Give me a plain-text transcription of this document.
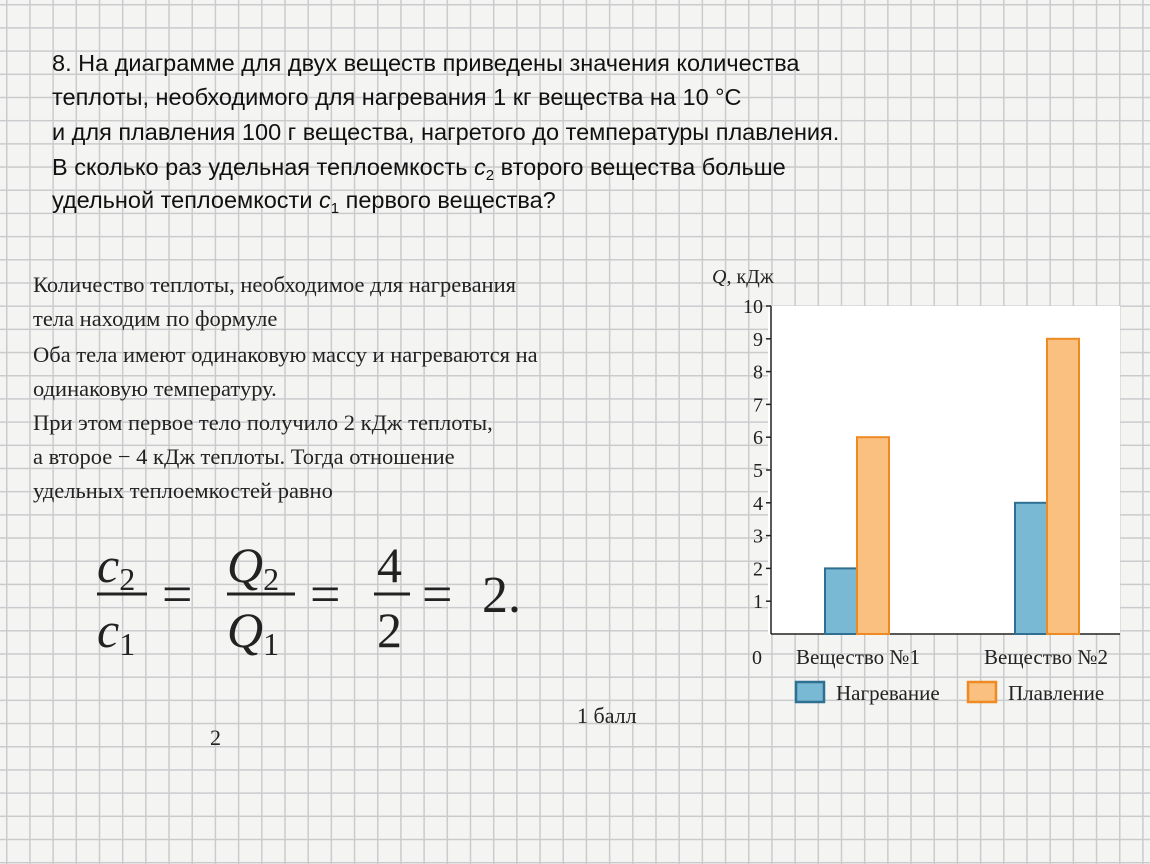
8. На диаграмме для двух веществ приведены значения количества
теплоты, необходимого для нагревания 1 кг вещества на 10 °С
и для плавления 100 г вещества, нагретого до температуры плавления.
В сколько раз удельная теплоемкость $с_2$ второго вещества больше
удельной теплоемкости $с_1$ первого вещества?
Количество теплоты, необходимое для нагревания
тела находим по формуле
Оба тела имеют одинаковую массу и нагреваются на
одинаковую температуру.
При этом первое тело получило 2 кДж теплоты,
а второе − 4 кДж теплоты. Тогда отношение
удельных теплоемкостей равно
c2
c1
= Q2
Q1
= 4
2
= 2.
1 балл
2
Q, кДж
0
1
2
3
4
5
6
7
8
9
10
Вещество №1	Вещество №2
Нагревание	Плавление
